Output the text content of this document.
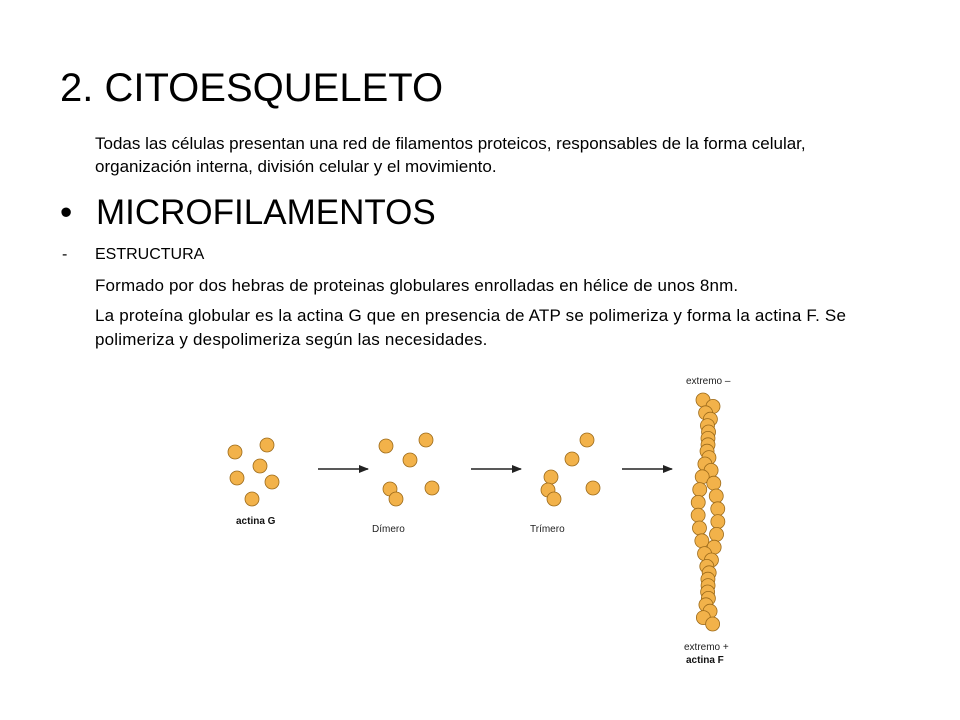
2. CITOESQUELETO
Todas las células presentan una red de filamentos proteicos, responsables de la forma celular, organización interna, división celular y el movimiento.
• MICROFILAMENTOS
- ESTRUCTURA
Formado por dos hebras de proteinas globulares enrolladas en hélice de unos 8nm.
La proteína globular es la actina G que en presencia de ATP se polimeriza y forma la actina F. Se polimeriza y despolimeriza según las necesidades.
actina G
Dímero	Trímero
extremo –
extremo +
actina F
